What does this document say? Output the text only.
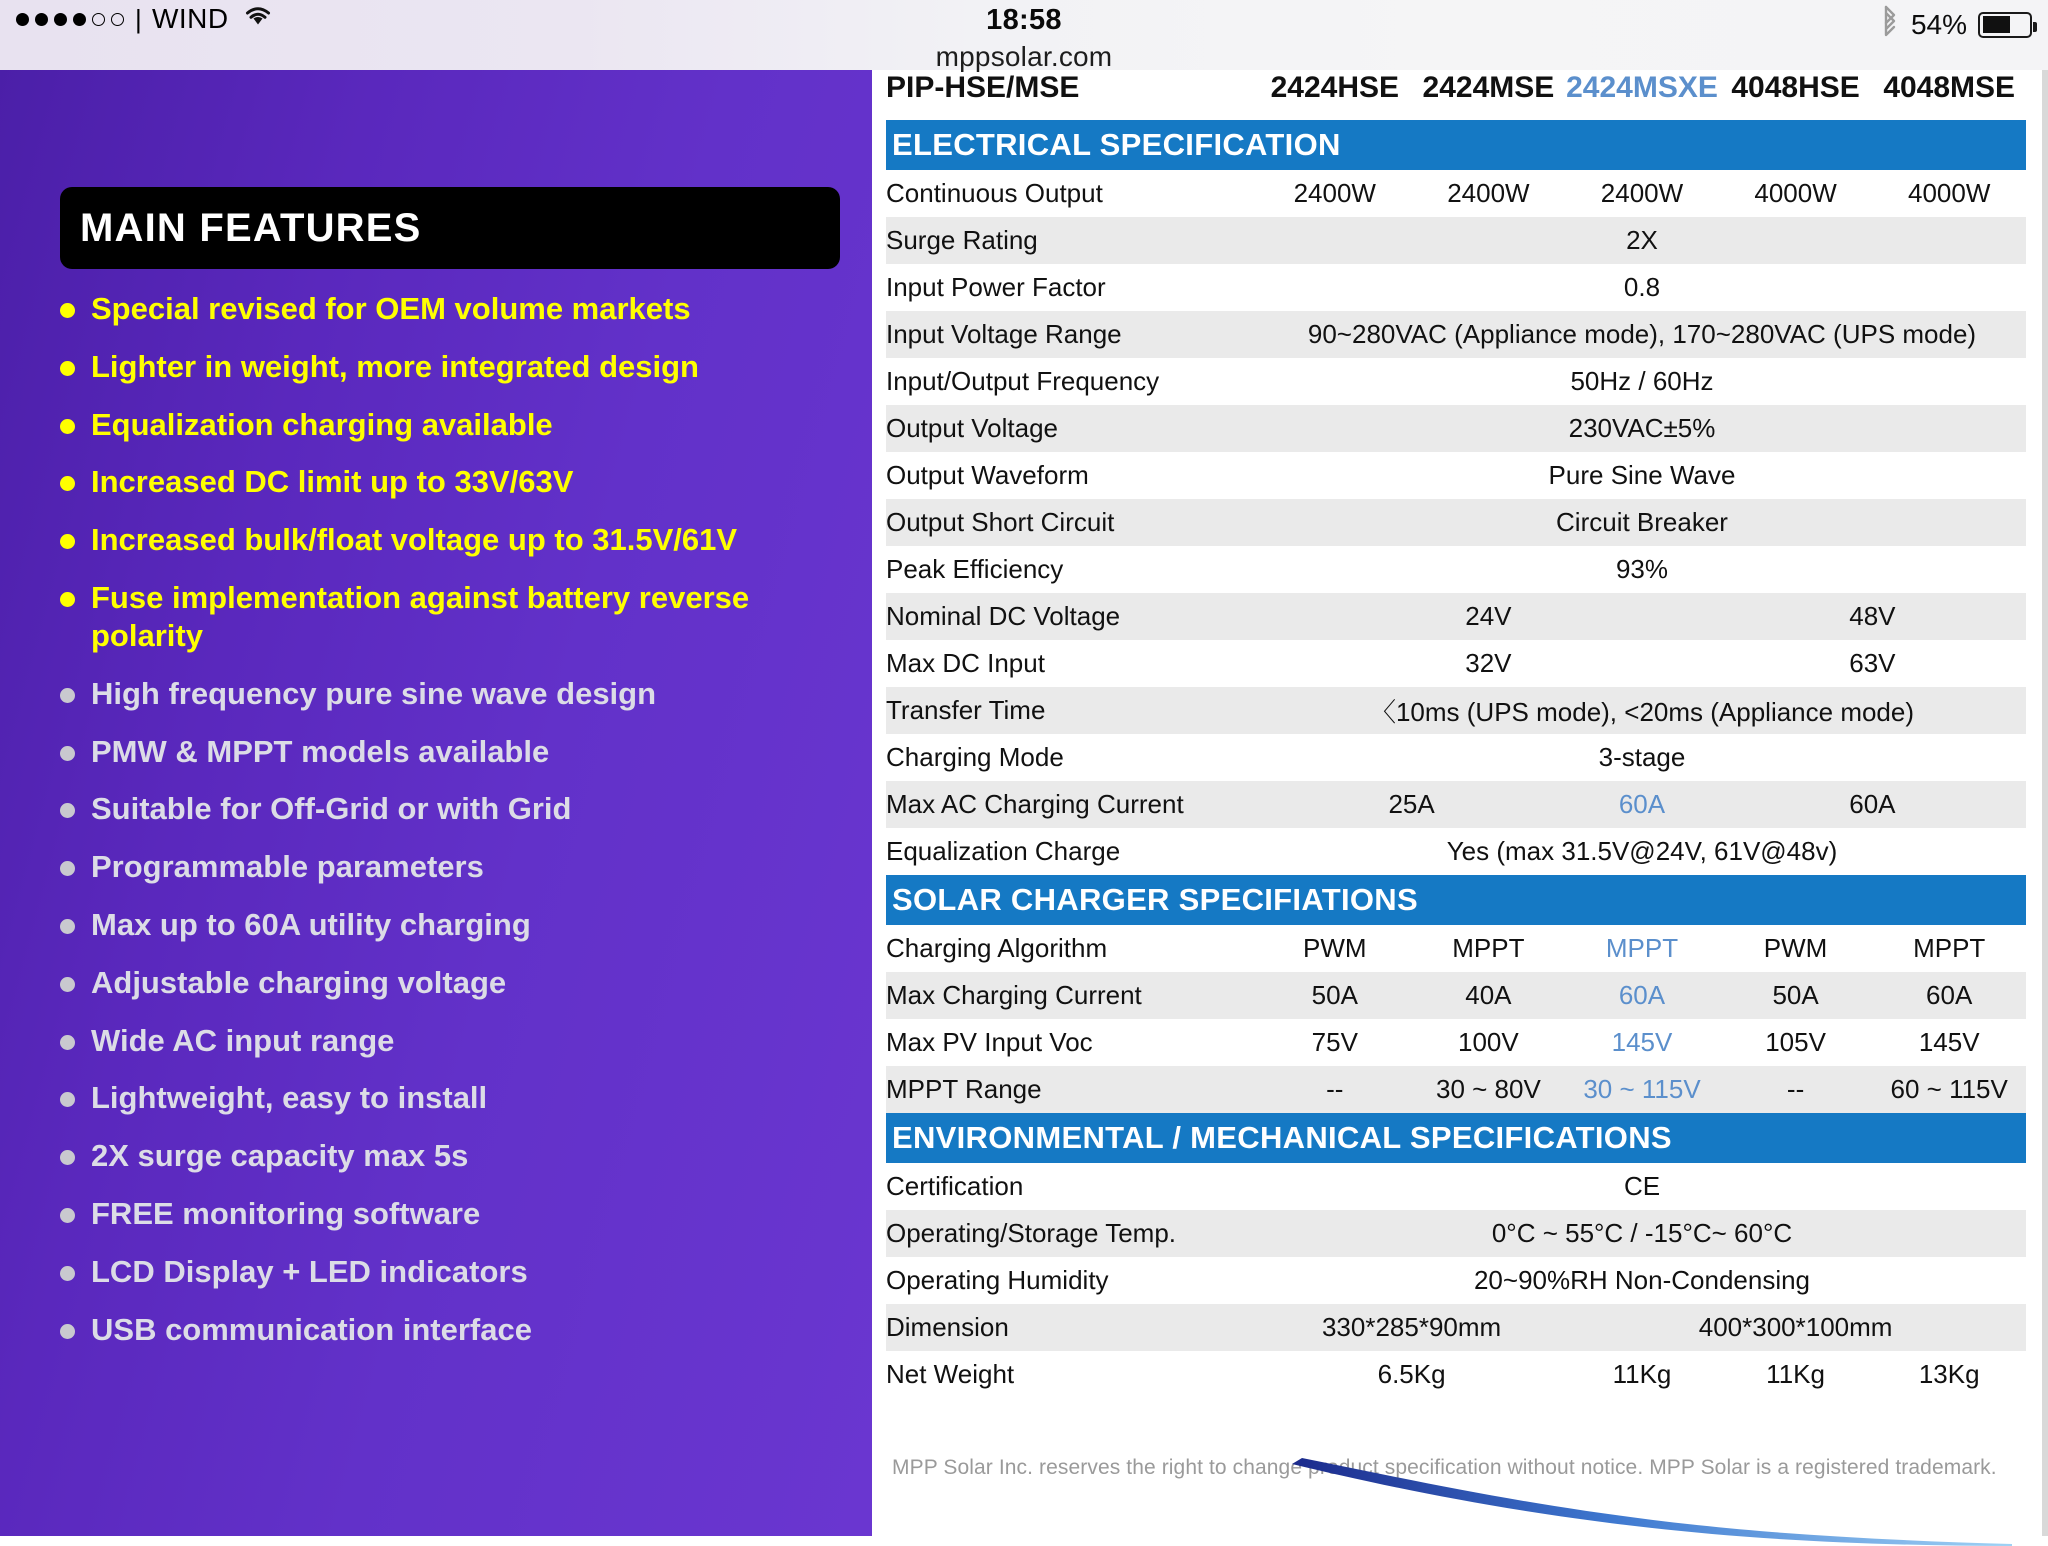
| WIND	18:58
mppsolar.com
54%
MAIN FEATURES
Special revised for OEM volume markets
Lighter in weight, more integrated design
Equalization charging available
Increased DC limit up to 33V/63V
Increased bulk/float voltage up to 31.5V/61V
Fuse implementation against battery reverse polarity
High frequency pure sine wave design
PMW & MPPT models available
Suitable for Off-Grid or with Grid
Programmable parameters
Max up to 60A utility charging
Adjustable charging voltage
Wide AC input range
Lightweight, easy to install
2X surge capacity max 5s
FREE monitoring software
LCD Display + LED indicators
USB communication interface
PIP-HSE/MSE	2424HSE	2424MSE	2424MSXE	4048HSE	4048MSE
ELECTRICAL SPECIFICATION					
Continuous Output	2400W	2400W	2400W	4000W	4000W
Surge Rating	2X				
Input Power Factor	0.8				
Input Voltage Range	90~280VAC (Appliance mode), 170~280VAC (UPS mode)				
Input/Output Frequency	50Hz / 60Hz				
Output Voltage	230VAC±5%				
Output Waveform	Pure Sine Wave				
Output Short Circuit	Circuit Breaker				
Peak Efficiency	93%				
Nominal DC Voltage	24V			48V	
Max DC Input	32V			63V	
Transfer Time	〈10ms (UPS mode), <20ms (Appliance mode)				
Charging Mode	3-stage				
Max AC Charging Current	25A		60A	60A	
Equalization Charge	Yes (max 31.5V@24V, 61V@48v)				
SOLAR CHARGER SPECIFIATIONS					
Charging Algorithm	PWM	MPPT	MPPT	PWM	MPPT
Max Charging Current	50A	40A	60A	50A	60A
Max PV Input Voc	75V	100V	145V	105V	145V
MPPT Range	--	30 ~ 80V	30 ~ 115V	--	60 ~ 115V
ENVIRONMENTAL / MECHANICAL SPECIFICATIONS					
Certification	CE				
Operating/Storage Temp.	0°C ~ 55°C / -15°C~ 60°C				
Operating Humidity	20~90%RH Non-Condensing				
Dimension	330*285*90mm		400*300*100mm		
Net Weight	6.5Kg		11Kg	11Kg	13Kg
MPP Solar Inc. reserves the right to change product specification without notice. MPP Solar is a registered trademark.
